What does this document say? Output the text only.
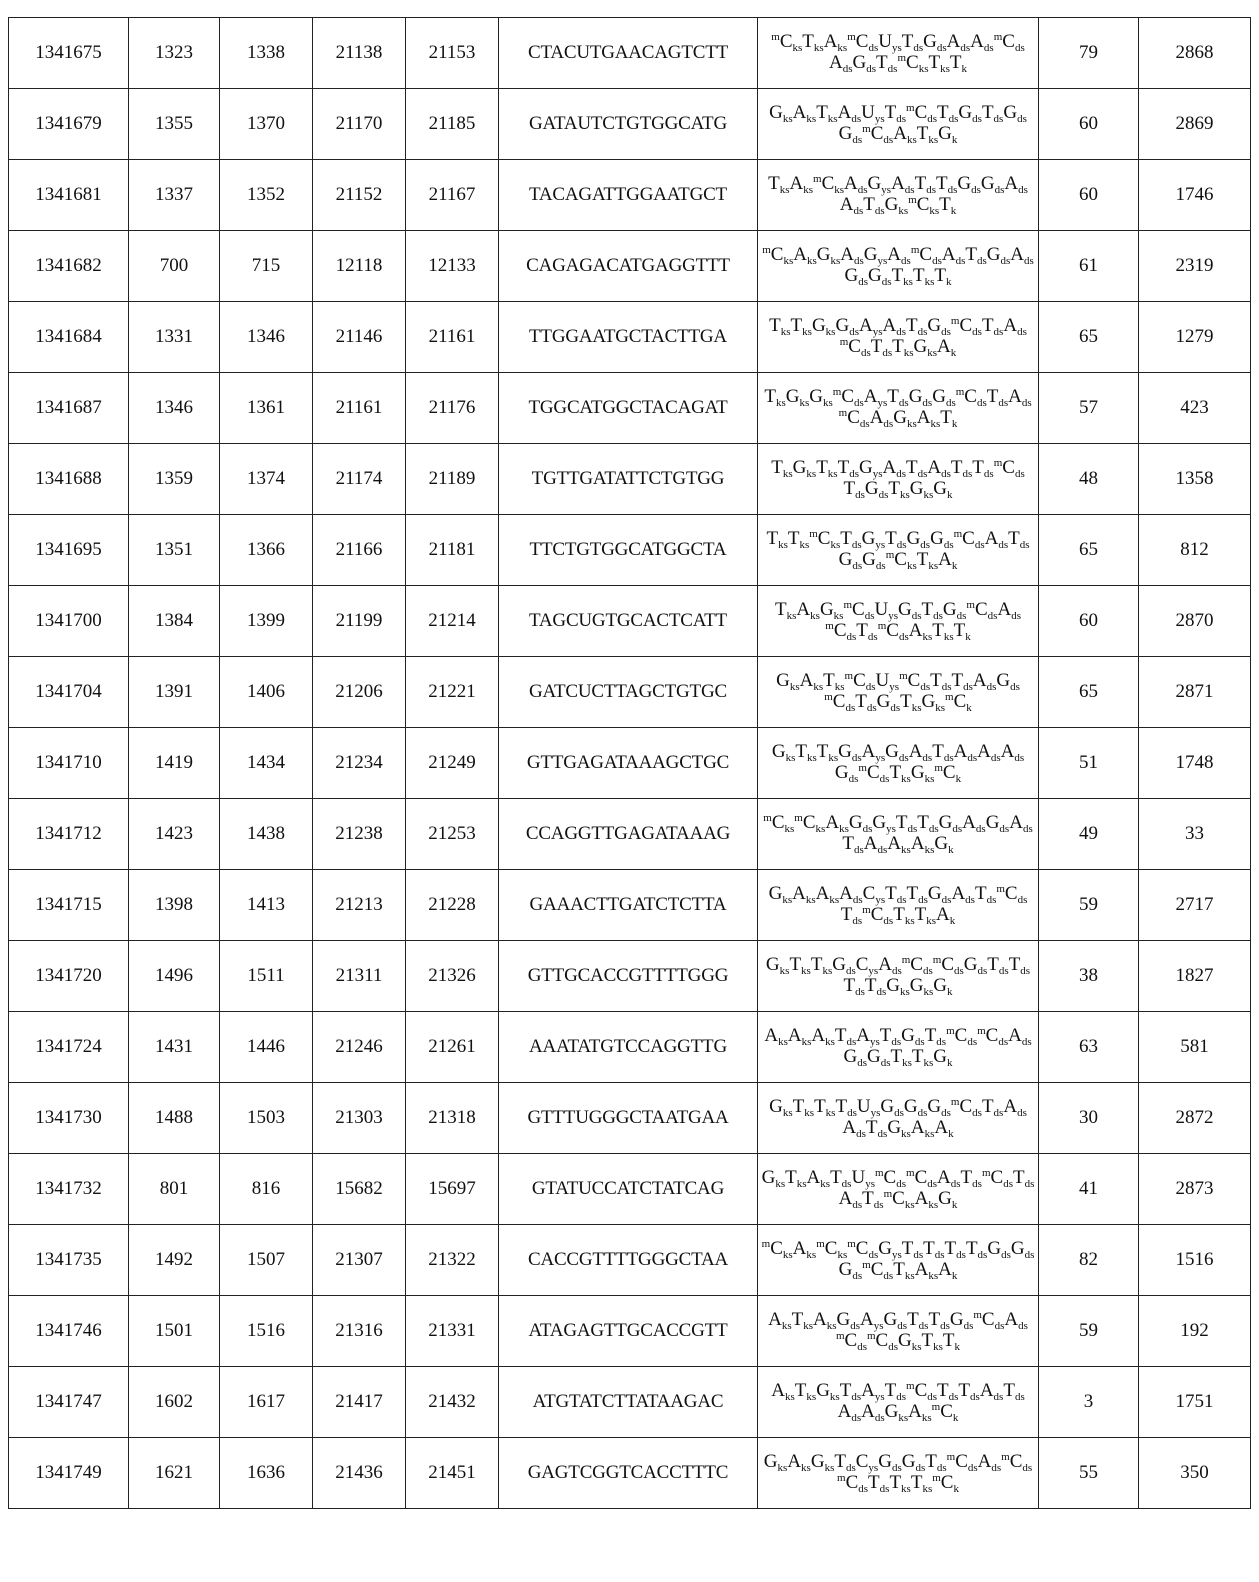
1341675	1323	1338	21138	21153	CTACUTGAACAGTCTT	$^mC_{ks}T_{ks}A_{ks}^mC_{ds}U_{ys}T_{ds}G_{ds}A_{ds}A_{ds}^mC_{ds}A_{ds}G_{ds}T_{ds}^mC_{ks}T_{ks}T_k$	79	2868
1341679	1355	1370	21170	21185	GATAUTCTGTGGCATG	$G_{ks}A_{ks}T_{ks}A_{ds}U_{ys}T_{ds}^mC_{ds}T_{ds}G_{ds}T_{ds}G_{ds}G_{ds}^mC_{ds}A_{ks}T_{ks}G_k$	60	2869
1341681	1337	1352	21152	21167	TACAGATTGGAATGCT	$T_{ks}A_{ks}^mC_{ks}A_{ds}G_{ys}A_{ds}T_{ds}T_{ds}G_{ds}G_{ds}A_{ds}A_{ds}T_{ds}G_{ks}^mC_{ks}T_k$	60	1746
1341682	700	715	12118	12133	CAGAGACATGAGGTTT	$^mC_{ks}A_{ks}G_{ks}A_{ds}G_{ys}A_{ds}^mC_{ds}A_{ds}T_{ds}G_{ds}A_{ds}G_{ds}G_{ds}T_{ks}T_{ks}T_k$	61	2319
1341684	1331	1346	21146	21161	TTGGAATGCTACTTGA	$T_{ks}T_{ks}G_{ks}G_{ds}A_{ys}A_{ds}T_{ds}G_{ds}^mC_{ds}T_{ds}A_{ds}^mC_{ds}T_{ds}T_{ks}G_{ks}A_k$	65	1279
1341687	1346	1361	21161	21176	TGGCATGGCTACAGAT	$T_{ks}G_{ks}G_{ks}^mC_{ds}A_{ys}T_{ds}G_{ds}G_{ds}^mC_{ds}T_{ds}A_{ds}^mC_{ds}A_{ds}G_{ks}A_{ks}T_k$	57	423
1341688	1359	1374	21174	21189	TGTTGATATTCTGTGG	$T_{ks}G_{ks}T_{ks}T_{ds}G_{ys}A_{ds}T_{ds}A_{ds}T_{ds}T_{ds}^mC_{ds}T_{ds}G_{ds}T_{ks}G_{ks}G_k$	48	1358
1341695	1351	1366	21166	21181	TTCTGTGGCATGGCTA	$T_{ks}T_{ks}^mC_{ks}T_{ds}G_{ys}T_{ds}G_{ds}G_{ds}^mC_{ds}A_{ds}T_{ds}G_{ds}G_{ds}^mC_{ks}T_{ks}A_k$	65	812
1341700	1384	1399	21199	21214	TAGCUGTGCACTCATT	$T_{ks}A_{ks}G_{ks}^mC_{ds}U_{ys}G_{ds}T_{ds}G_{ds}^mC_{ds}A_{ds}^mC_{ds}T_{ds}^mC_{ds}A_{ks}T_{ks}T_k$	60	2870
1341704	1391	1406	21206	21221	GATCUCTTAGCTGTGC	$G_{ks}A_{ks}T_{ks}^mC_{ds}U_{ys}^mC_{ds}T_{ds}T_{ds}A_{ds}G_{ds}^mC_{ds}T_{ds}G_{ds}T_{ks}G_{ks}^mC_k$	65	2871
1341710	1419	1434	21234	21249	GTTGAGATAAAGCTGC	$G_{ks}T_{ks}T_{ks}G_{ds}A_{ys}G_{ds}A_{ds}T_{ds}A_{ds}A_{ds}A_{ds}G_{ds}^mC_{ds}T_{ks}G_{ks}^mC_k$	51	1748
1341712	1423	1438	21238	21253	CCAGGTTGAGATAAAG	$^mC_{ks}^mC_{ks}A_{ks}G_{ds}G_{ys}T_{ds}T_{ds}G_{ds}A_{ds}G_{ds}A_{ds}T_{ds}A_{ds}A_{ks}A_{ks}G_k$	49	33
1341715	1398	1413	21213	21228	GAAACTTGATCTCTTA	$G_{ks}A_{ks}A_{ks}A_{ds}C_{ys}T_{ds}T_{ds}G_{ds}A_{ds}T_{ds}^mC_{ds}T_{ds}^mC_{ds}T_{ks}T_{ks}A_k$	59	2717
1341720	1496	1511	21311	21326	GTTGCACCGTTTTGGG	$G_{ks}T_{ks}T_{ks}G_{ds}C_{ys}A_{ds}^mC_{ds}^mC_{ds}G_{ds}T_{ds}T_{ds}T_{ds}T_{ds}G_{ks}G_{ks}G_k$	38	1827
1341724	1431	1446	21246	21261	AAATATGTCCAGGTTG	$A_{ks}A_{ks}A_{ks}T_{ds}A_{ys}T_{ds}G_{ds}T_{ds}^mC_{ds}^mC_{ds}A_{ds}G_{ds}G_{ds}T_{ks}T_{ks}G_k$	63	581
1341730	1488	1503	21303	21318	GTTTUGGGCTAATGAA	$G_{ks}T_{ks}T_{ks}T_{ds}U_{ys}G_{ds}G_{ds}G_{ds}^mC_{ds}T_{ds}A_{ds}A_{ds}T_{ds}G_{ks}A_{ks}A_k$	30	2872
1341732	801	816	15682	15697	GTATUCCATCTATCAG	$G_{ks}T_{ks}A_{ks}T_{ds}U_{ys}^mC_{ds}^mC_{ds}A_{ds}T_{ds}^mC_{ds}T_{ds}A_{ds}T_{ds}^mC_{ks}A_{ks}G_k$	41	2873
1341735	1492	1507	21307	21322	CACCGTTTTGGGCTAA	$^mC_{ks}A_{ks}^mC_{ks}^mC_{ds}G_{ys}T_{ds}T_{ds}T_{ds}T_{ds}G_{ds}G_{ds}G_{ds}^mC_{ds}T_{ks}A_{ks}A_k$	82	1516
1341746	1501	1516	21316	21331	ATAGAGTTGCACCGTT	$A_{ks}T_{ks}A_{ks}G_{ds}A_{ys}G_{ds}T_{ds}T_{ds}G_{ds}^mC_{ds}A_{ds}^mC_{ds}^mC_{ds}G_{ks}T_{ks}T_k$	59	192
1341747	1602	1617	21417	21432	ATGTATCTTATAAGAC	$A_{ks}T_{ks}G_{ks}T_{ds}A_{ys}T_{ds}^mC_{ds}T_{ds}T_{ds}A_{ds}T_{ds}A_{ds}A_{ds}G_{ks}A_{ks}^mC_k$	3	1751
1341749	1621	1636	21436	21451	GAGTCGGTCACCTTTC	$G_{ks}A_{ks}G_{ks}T_{ds}C_{ys}G_{ds}G_{ds}T_{ds}^mC_{ds}A_{ds}^mC_{ds}^mC_{ds}T_{ds}T_{ks}T_{ks}^mC_k$	55	350
